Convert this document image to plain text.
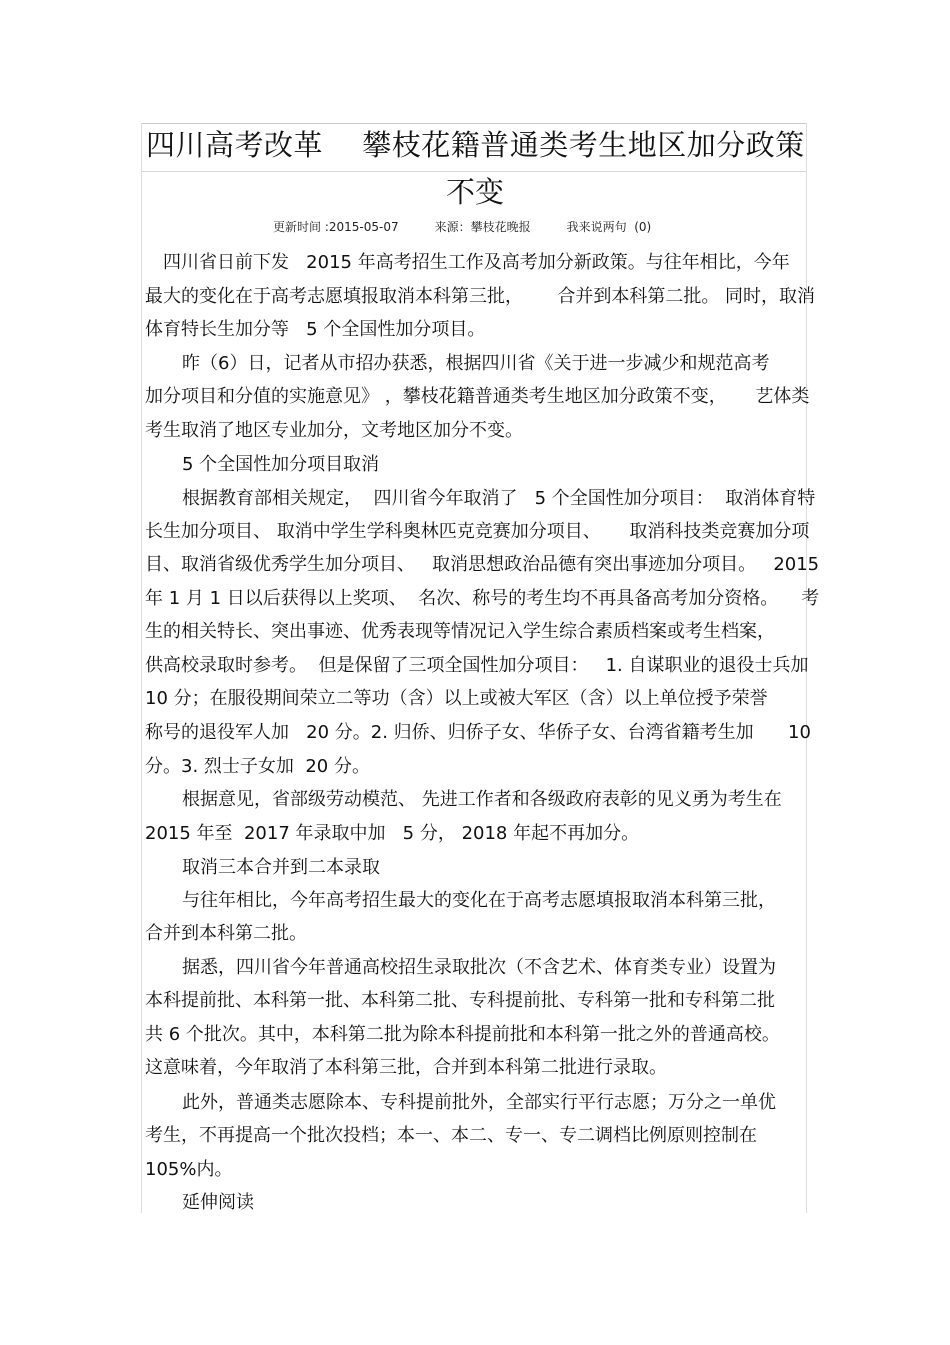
四川高考改革　 攀枝花籍普通类考生地区加分政策
不变
更新时间 :2015-05-07　　　来源：攀枝花晚报　　　我来说两句  (0)
四川省日前下发   2015 年高考招生工作及高考加分新政策。与往年相比，今年
最大的变化在于高考志愿填报取消本科第三批，      合并到本科第二批。 同时，取消
体育特长生加分等   5 个全国性加分项目。
昨（6）日，记者从市招办获悉，根据四川省《关于进一步减少和规范高考
加分项目和分值的实施意见》 ，攀枝花籍普通类考生地区加分政策不变，     艺体类
考生取消了地区专业加分，文考地区加分不变。
5 个全国性加分项目取消
根据教育部相关规定，  四川省今年取消了   5 个全国性加分项目：  取消体育特
长生加分项目、 取消中学生学科奥林匹克竞赛加分项目、     取消科技类竞赛加分项
目、取消省级优秀学生加分项目、   取消思想政治品德有突出事迹加分项目。   2015
年 1 月 1 日以后获得以上奖项、  名次、称号的考生均不再具备高考加分资格。    考
生的相关特长、突出事迹、优秀表现等情况记入学生综合素质档案或考生档案，
供高校录取时参考。  但是保留了三项全国性加分项目：   1. 自谋职业的退役士兵加
10 分；在服役期间荣立二等功（含）以上或被大军区（含）以上单位授予荣誉
称号的退役军人加   20 分。2. 归侨、归侨子女、华侨子女、台湾省籍考生加      10
分。3. 烈士子女加  20 分。
根据意见，省部级劳动模范、 先进工作者和各级政府表彰的见义勇为考生在
2015 年至  2017 年录取中加   5 分， 2018 年起不再加分。
取消三本合并到二本录取
与往年相比，今年高考招生最大的变化在于高考志愿填报取消本科第三批，
合并到本科第二批。
据悉，四川省今年普通高校招生录取批次（不含艺术、体育类专业）设置为
本科提前批、本科第一批、本科第二批、专科提前批、专科第一批和专科第二批
共 6 个批次。其中，本科第二批为除本科提前批和本科第一批之外的普通高校。
这意味着，今年取消了本科第三批，合并到本科第二批进行录取。
此外，普通类志愿除本、专科提前批外，全部实行平行志愿；万分之一单优
考生，不再提高一个批次投档；本一、本二、专一、专二调档比例原则控制在
105%内。
延伸阅读
